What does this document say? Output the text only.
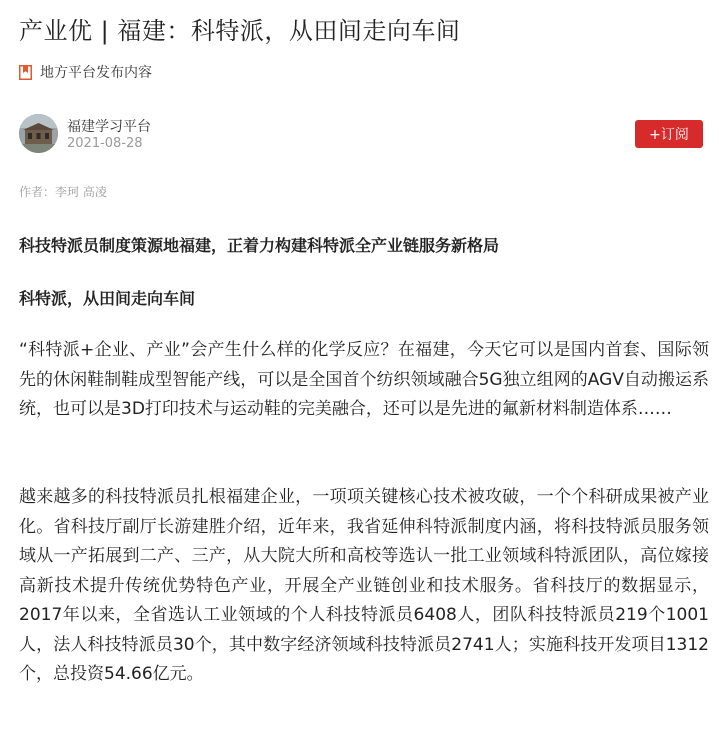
产业优 | 福建：科特派，从田间走向车间
地方平台发布内容
福建学习平台
2021-08-28
+订阅
作者：李珂 高凌
科技特派员制度策源地福建，正着力构建科特派全产业链服务新格局
科特派，从田间走向车间

“科特派+企业、产业”会产生什么样的化学反应？在福建，今天它可以是国内首套、国际领先的休闲鞋制鞋成型智能产线，可以是全国首个纺织领域融合5G独立组网的AGV自动搬运系统，也可以是3D打印技术与运动鞋的完美融合，还可以是先进的氟新材料制造体系……

越来越多的科技特派员扎根福建企业，一项项关键核心技术被攻破，一个个科研成果被产业化。省科技厅副厅长游建胜介绍，近年来，我省延伸科特派制度内涵，将科技特派员服务领域从一产拓展到二产、三产，从大院大所和高校等选认一批工业领域科特派团队，高位嫁接高新技术提升传统优势特色产业，开展全产业链创业和技术服务。省科技厅的数据显示，2017年以来，全省选认工业领域的个人科技特派员6408人，团队科技特派员219个1001人，法人科技特派员30个，其中数字经济领域科技特派员2741人；实施科技开发项目1312个，总投资54.66亿元。
